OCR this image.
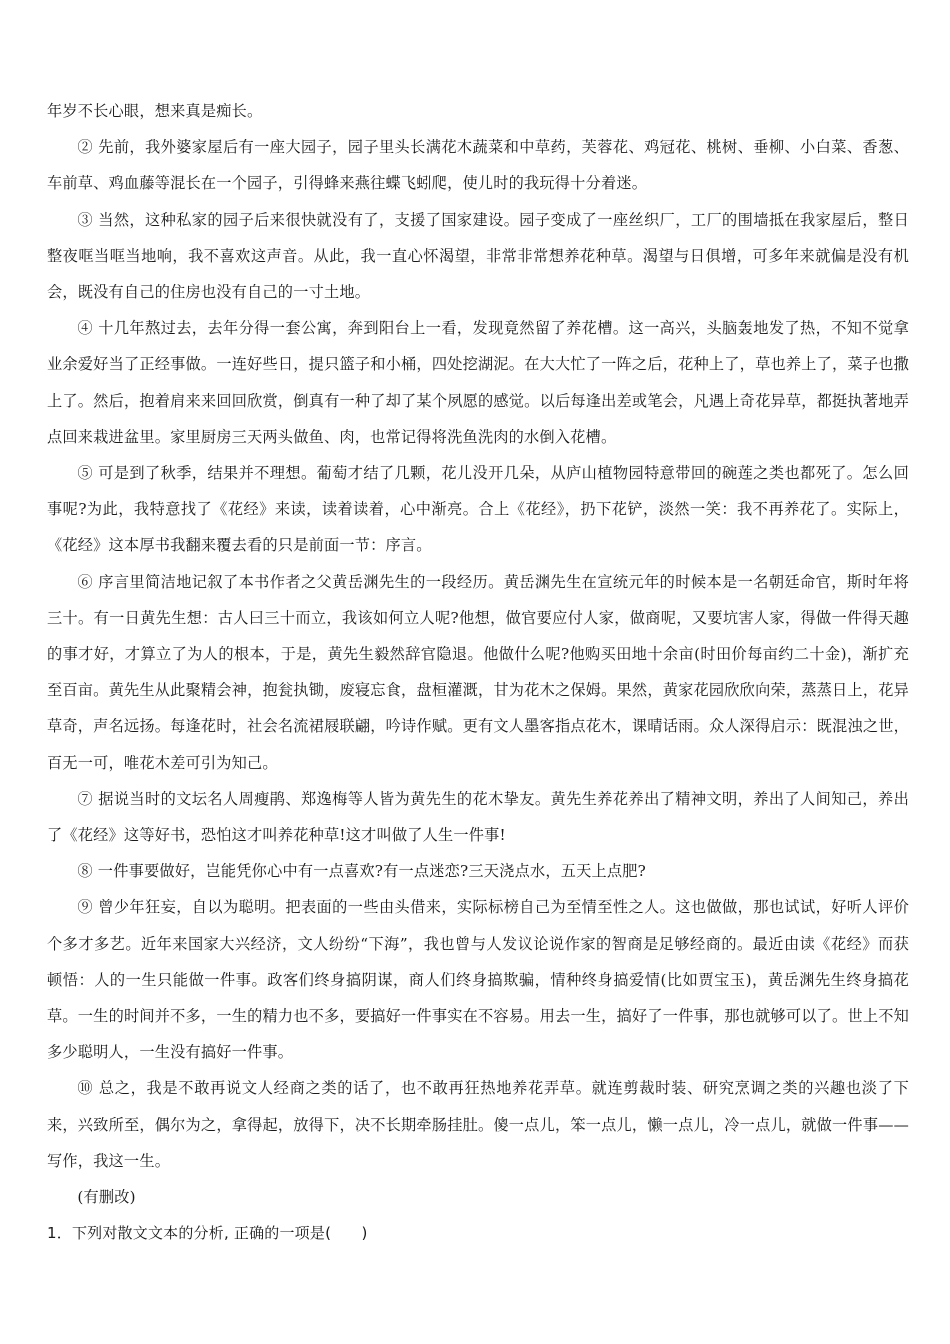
年岁不长心眼，想来真是痴长。

② 先前，我外婆家屋后有一座大园子，园子里头长满花木蔬菜和中草药，芙蓉花、鸡冠花、桃树、垂柳、小白菜、香葱、车前草、鸡血藤等混长在一个园子，引得蜂来燕往蝶飞蚓爬，使儿时的我玩得十分着迷。

③ 当然，这种私家的园子后来很快就没有了，支援了国家建设。园子变成了一座丝织厂，工厂的围墙抵在我家屋后，整日整夜哐当哐当地响，我不喜欢这声音。从此，我一直心怀渴望，非常非常想养花种草。渴望与日俱增，可多年来就偏是没有机会，既没有自己的住房也没有自己的一寸土地。

④ 十几年熬过去，去年分得一套公寓，奔到阳台上一看，发现竟然留了养花槽。这一高兴，头脑轰地发了热，不知不觉拿业余爱好当了正经事做。一连好些日，提只篮子和小桶，四处挖湖泥。在大大忙了一阵之后，花种上了，草也养上了，菜子也撒上了。然后，抱着肩来来回回欣赏，倒真有一种了却了某个夙愿的感觉。以后每逢出差或笔会，凡遇上奇花异草，都挺执著地弄点回来栽进盆里。家里厨房三天两头做鱼、肉，也常记得将洗鱼洗肉的水倒入花槽。

⑤ 可是到了秋季，结果并不理想。葡萄才结了几颗，花儿没开几朵，从庐山植物园特意带回的碗莲之类也都死了。怎么回事呢?为此，我特意找了《花经》来读，读着读着，心中渐亮。合上《花经》，扔下花铲，淡然一笑：我不再养花了。实际上，《花经》这本厚书我翻来覆去看的只是前面一节：序言。

⑥ 序言里简洁地记叙了本书作者之父黄岳渊先生的一段经历。黄岳渊先生在宣统元年的时候本是一名朝廷命官，斯时年将三十。有一日黄先生想：古人曰三十而立，我该如何立人呢?他想，做官要应付人家，做商呢，又要坑害人家，得做一件得天趣的事才好，才算立了为人的根本，于是，黄先生毅然辞官隐退。他做什么呢?他购买田地十余亩(时田价每亩约二十金)，渐扩充至百亩。黄先生从此聚精会神，抱瓮执锄，废寝忘食，盘桓灌溉，甘为花木之保姆。果然，黄家花园欣欣向荣，蒸蒸日上，花异草奇，声名远扬。每逢花时，社会名流裙屐联翩，吟诗作赋。更有文人墨客指点花木，课晴话雨。众人深得启示：既混浊之世，百无一可，唯花木差可引为知己。

⑦ 据说当时的文坛名人周瘦鹃、郑逸梅等人皆为黄先生的花木挚友。黄先生养花养出了精神文明，养出了人间知己，养出了《花经》这等好书，恐怕这才叫养花种草!这才叫做了人生一件事!

⑧ 一件事要做好，岂能凭你心中有一点喜欢?有一点迷恋?三天浇点水，五天上点肥?

⑨ 曾少年狂妄，自以为聪明。把表面的一些由头借来，实际标榜自己为至情至性之人。这也做做，那也试试，好听人评价个多才多艺。近年来国家大兴经济，文人纷纷“下海”，我也曾与人发议论说作家的智商是足够经商的。最近由读《花经》而获顿悟：人的一生只能做一件事。政客们终身搞阴谋，商人们终身搞欺骗，情种终身搞爱情(比如贾宝玉)，黄岳渊先生终身搞花草。一生的时间并不多，一生的精力也不多，要搞好一件事实在不容易。用去一生，搞好了一件事，那也就够可以了。世上不知多少聪明人，一生没有搞好一件事。

⑩ 总之，我是不敢再说文人经商之类的话了，也不敢再狂热地养花弄草。就连剪裁时装、研究烹调之类的兴趣也淡了下来，兴致所至，偶尔为之，拿得起，放得下，决不长期牵肠挂肚。傻一点儿，笨一点儿，懒一点儿，冷一点儿，就做一件事——写作，我这一生。

(有删改)

1．下列对散文文本的分析, 正确的一项是(　　)
